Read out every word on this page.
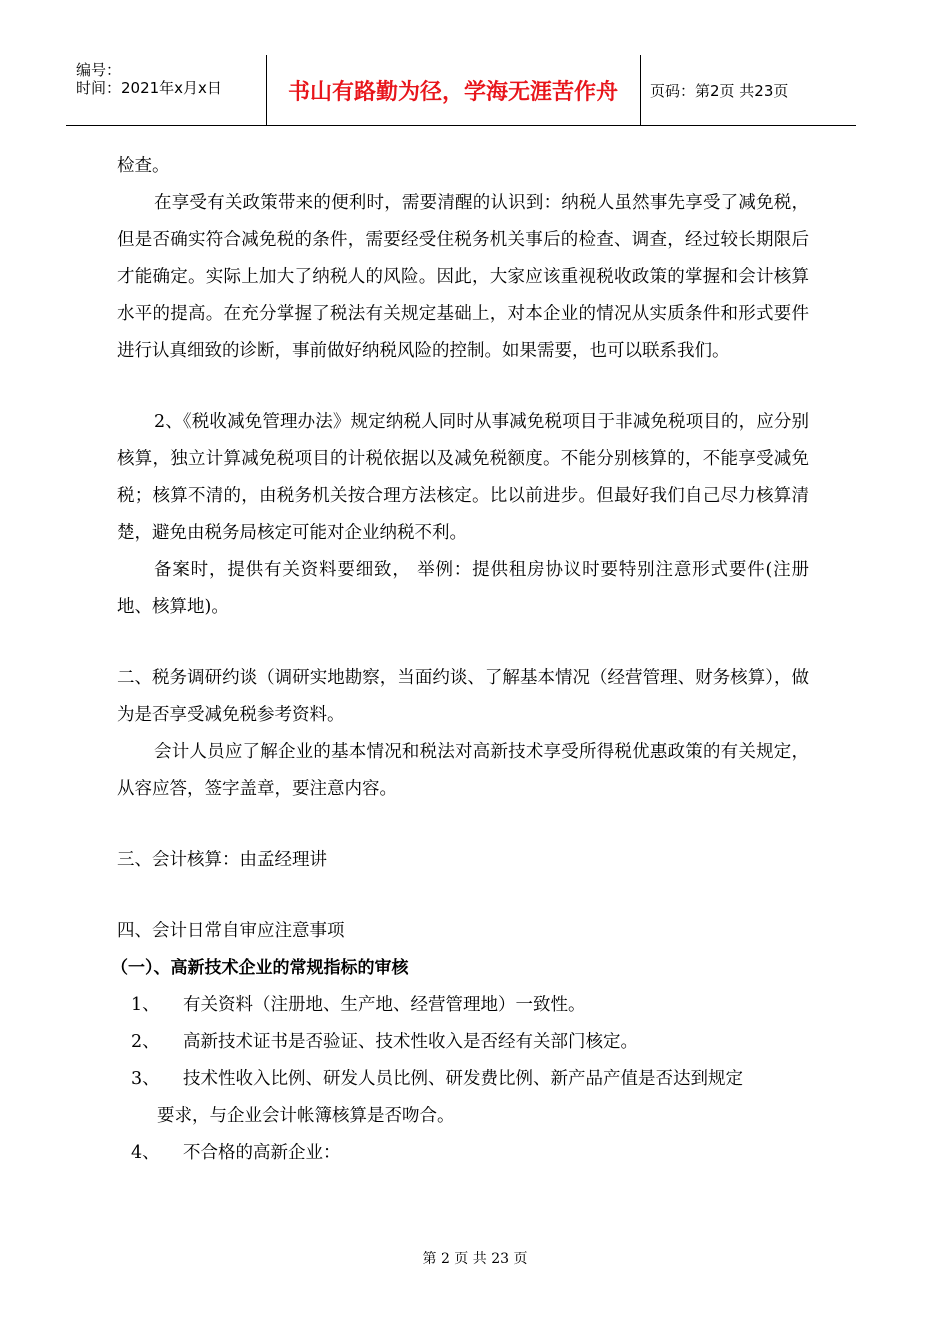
编号：
时间：2021年x月x日	书山有路勤为径，学海无涯苦作舟	页码：第2页 共23页

检查。

在享受有关政策带来的便利时，需要清醒的认识到：纳税人虽然事先享受了减免税，但是否确实符合减免税的条件，需要经受住税务机关事后的检查、调查，经过较长期限后才能确定。实际上加大了纳税人的风险。因此，大家应该重视税收政策的掌握和会计核算水平的提高。在充分掌握了税法有关规定基础上，对本企业的情况从实质条件和形式要件进行认真细致的诊断，事前做好纳税风险的控制。如果需要，也可以联系我们。

2、《税收减免管理办法》规定纳税人同时从事减免税项目于非减免税项目的，应分别核算，独立计算减免税项目的计税依据以及减免税额度。不能分别核算的，不能享受减免税；核算不清的，由税务机关按合理方法核定。比以前进步。但最好我们自己尽力核算清楚，避免由税务局核定可能对企业纳税不利。

备案时，提供有关资料要细致， 举例：提供租房协议时要特别注意形式要件(注册地、核算地)。

二、税务调研约谈（调研实地勘察，当面约谈、了解基本情况（经营管理、财务核算），做为是否享受减免税参考资料。

会计人员应了解企业的基本情况和税法对高新技术享受所得税优惠政策的有关规定，从容应答，签字盖章，要注意内容。

三、会计核算：由孟经理讲

四、会计日常自审应注意事项

（一）、高新技术企业的常规指标的审核

1、 有关资料（注册地、生产地、经营管理地）一致性。

2、 高新技术证书是否验证、技术性收入是否经有关部门核定。

3、 技术性收入比例、研发人员比例、研发费比例、新产品产值是否达到规定

要求，与企业会计帐簿核算是否吻合。

4、 不合格的高新企业：

第 2 页 共 23 页
